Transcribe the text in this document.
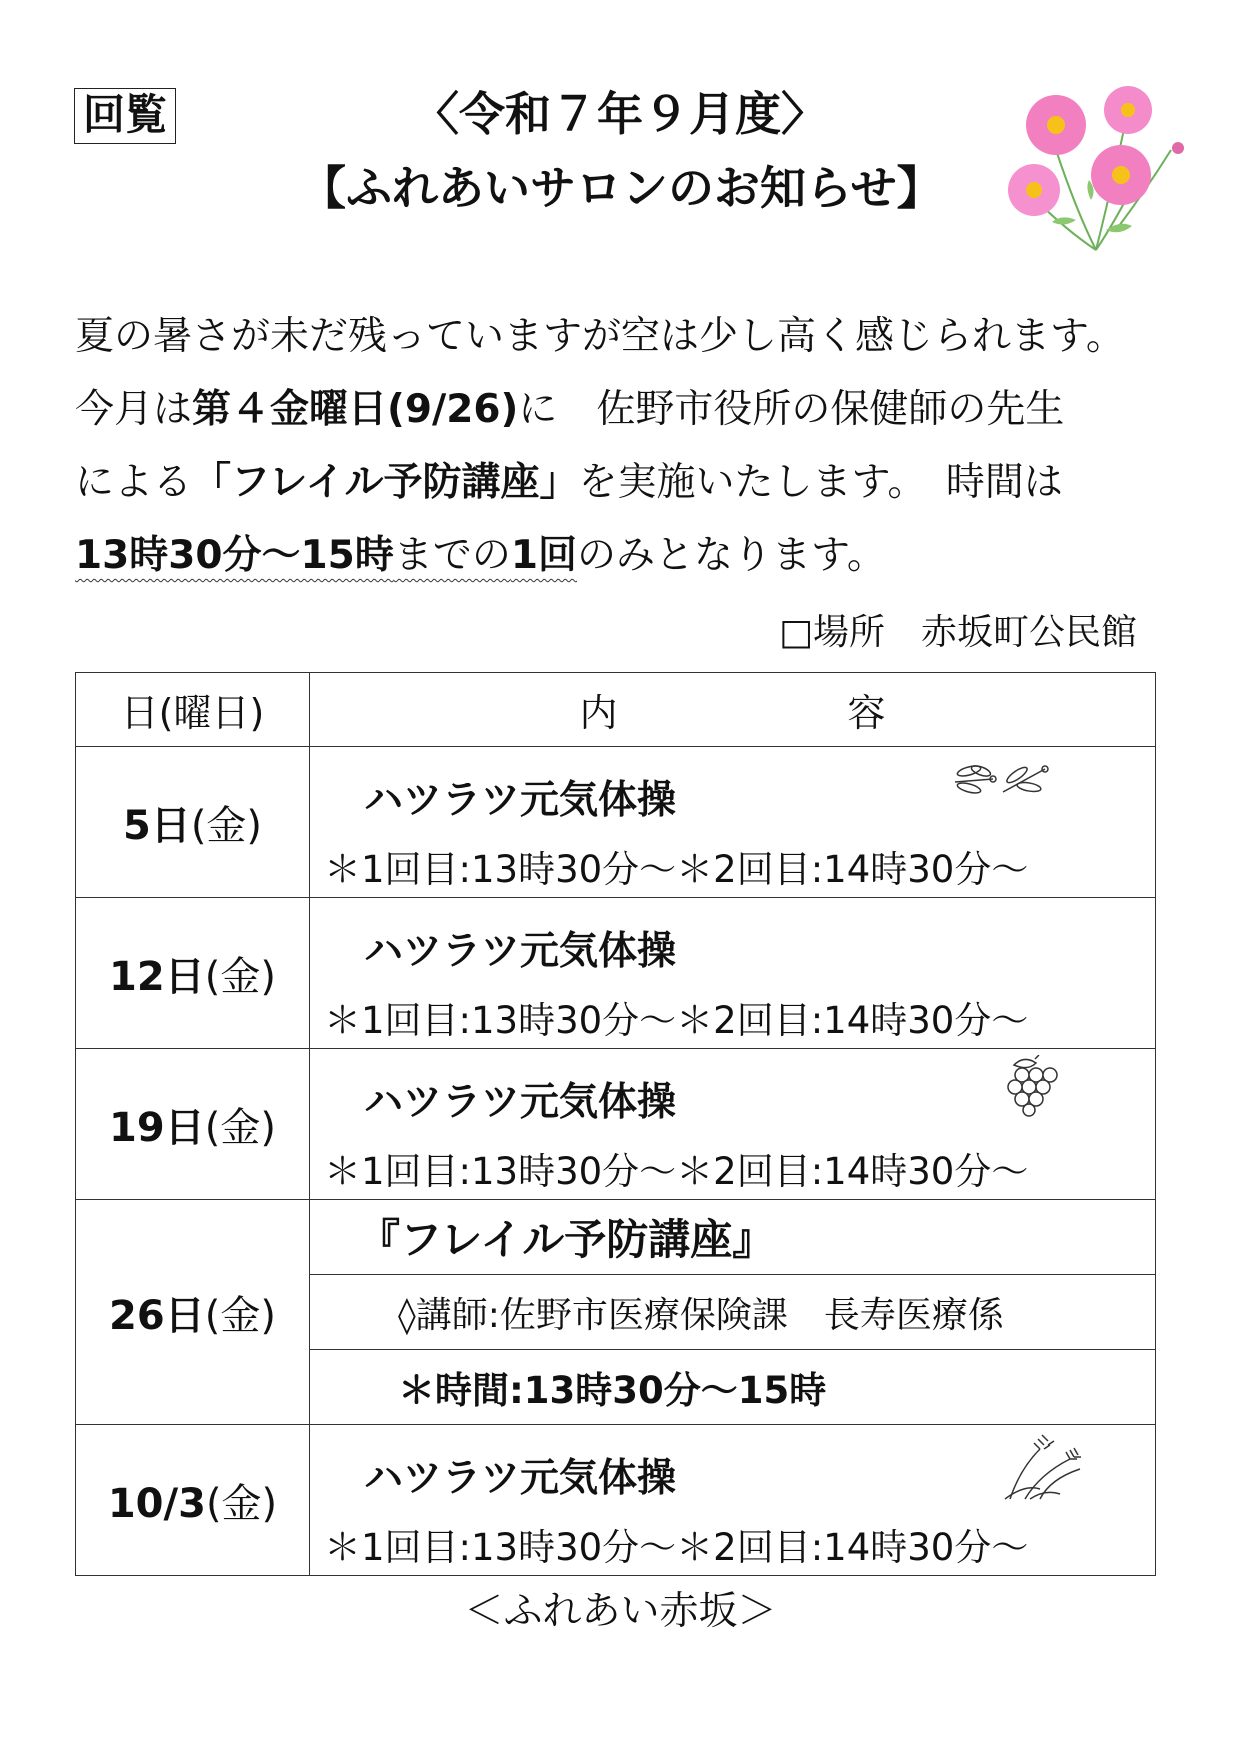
回覧	〈令和７年９月度〉
【ふれあいサロンのお知らせ】
夏の暑さが未だ残っていますが空は少し高く感じられます。
今月は第４金曜日(9/26)に　佐野市役所の保健師の先生
による「フレイル予防講座」を実施いたします。　時間は
13時30分～15時までの1回のみとなります。
□場所　赤坂町公民館
日(曜日)	内 容
5日(金)	ハツラツ元気体操
＊1回目:13時30分～＊2回目:14時30分～

12日(金)	ハツラツ元気体操
＊1回目:13時30分～＊2回目:14時30分～

19日(金)	ハツラツ元気体操
＊1回目:13時30分～＊2回目:14時30分～

26日(金)	『フレイル予防講座』
	◊講師:佐野市医療保険課　長寿医療係
	＊時間:13時30分～15時
10/3(金)	ハツラツ元気体操
＊1回目:13時30分～＊2回目:14時30分～
＜ふれあい赤坂＞
